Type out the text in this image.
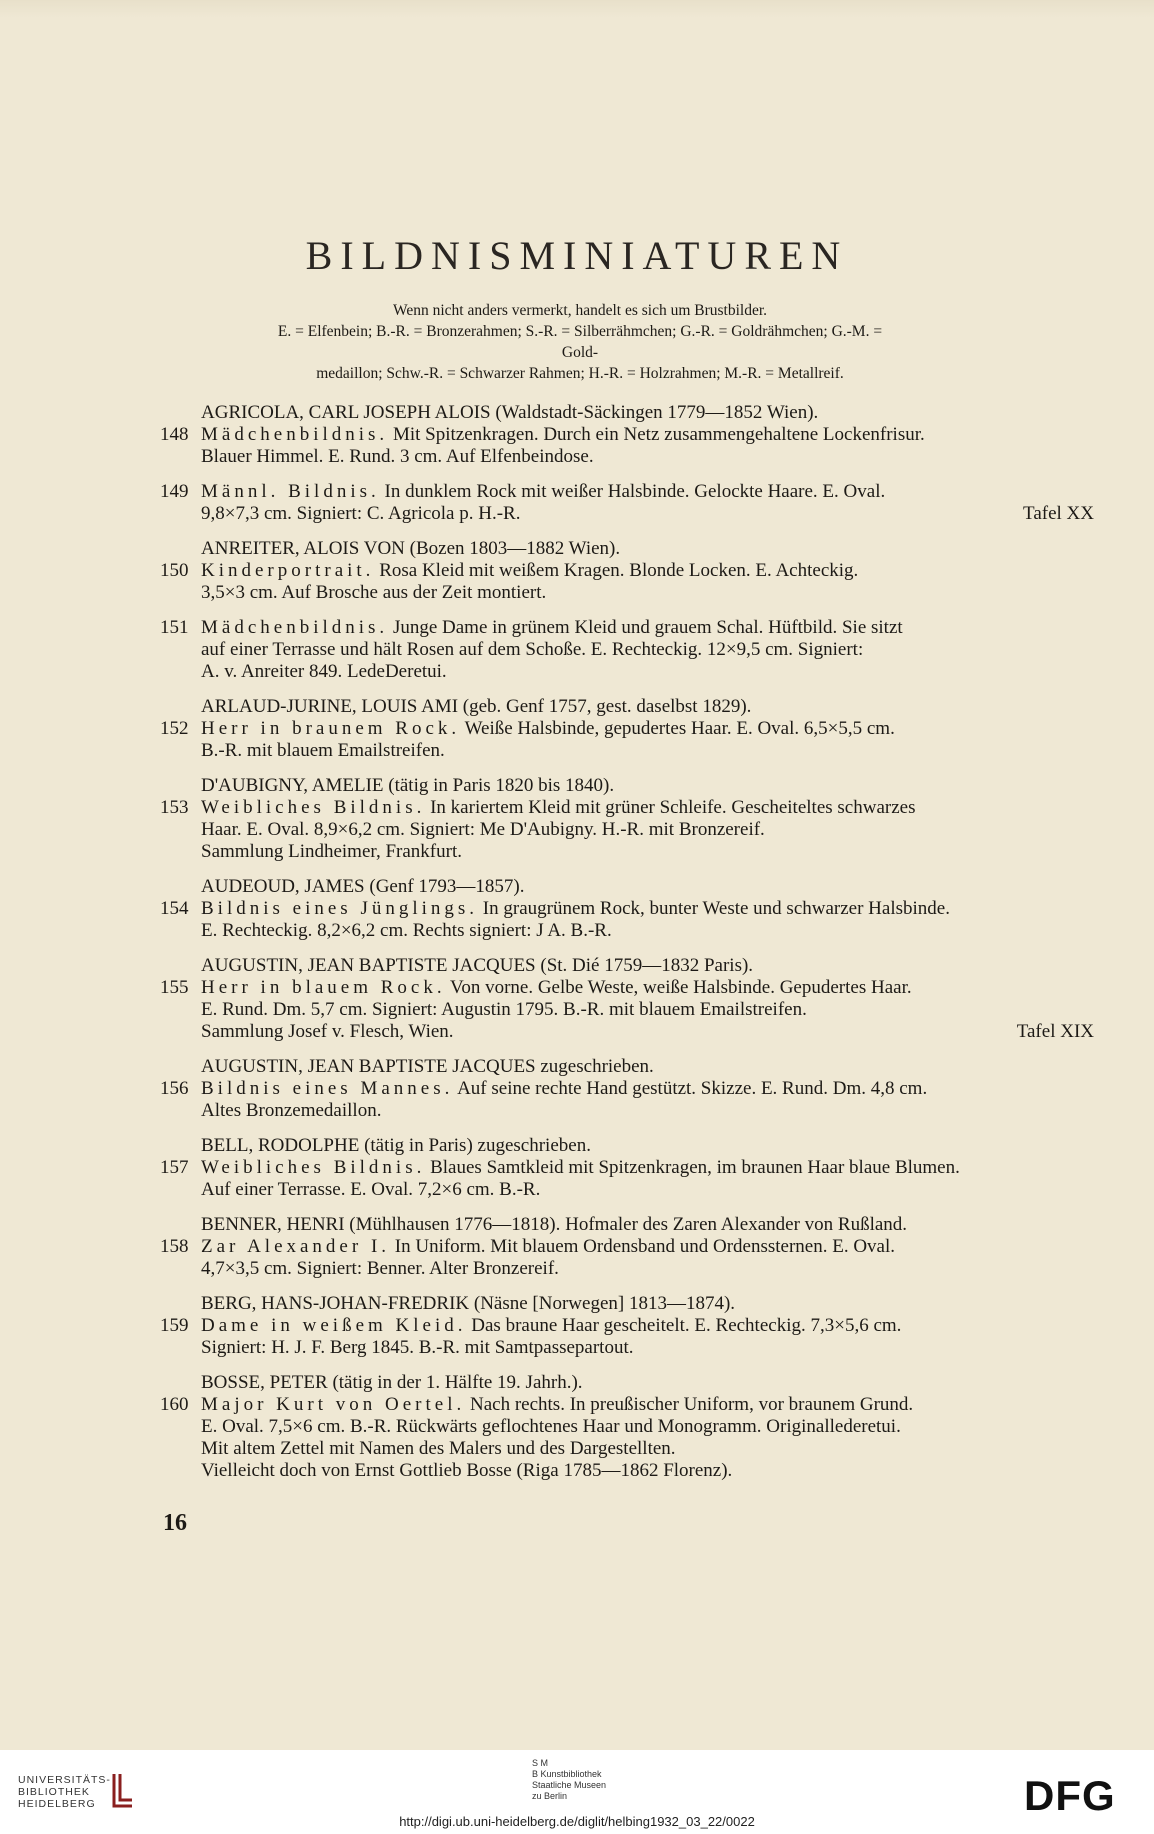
BILDNISMINIATUREN

Wenn nicht anders vermerkt, handelt es sich um Brustbilder.

E. = Elfenbein; B.-R. = Bronzerahmen; S.-R. = Silberrähmchen; G.-R. = Goldrähmchen; G.-M. = Gold-

medaillon; Schw.-R. = Schwarzer Rahmen; H.-R. = Holzrahmen; M.-R. = Metallreif.

AGRICOLA, CARL JOSEPH ALOIS (Waldstadt-Säckingen 1779—1852 Wien).
148 Mädchenbildnis. Mit Spitzenkragen. Durch ein Netz zusammengehaltene Lockenfrisur.
Blauer Himmel. E. Rund. 3 cm. Auf Elfenbeindose.
149 Männl. Bildnis. In dunklem Rock mit weißer Halsbinde. Gelockte Haare. E. Oval.
9,8×7,3 cm. Signiert: C. Agricola p. H.-R.	Tafel XX
ANREITER, ALOIS VON (Bozen 1803—1882 Wien).
150 Kinderportrait. Rosa Kleid mit weißem Kragen. Blonde Locken. E. Achteckig.
3,5×3 cm. Auf Brosche aus der Zeit montiert.
151 Mädchenbildnis. Junge Dame in grünem Kleid und grauem Schal. Hüftbild. Sie sitzt
auf einer Terrasse und hält Rosen auf dem Schoße. E. Rechteckig. 12×9,5 cm. Signiert:
A. v. Anreiter 849. LedeDeretui.
ARLAUD-JURINE, LOUIS AMI (geb. Genf 1757, gest. daselbst 1829).
152 Herr in braunem Rock. Weiße Halsbinde, gepudertes Haar. E. Oval. 6,5×5,5 cm.
B.-R. mit blauem Emailstreifen.
D'AUBIGNY, AMELIE (tätig in Paris 1820 bis 1840).
153 Weibliches Bildnis. In kariertem Kleid mit grüner Schleife. Gescheiteltes schwarzes
Haar. E. Oval. 8,9×6,2 cm. Signiert: Me D'Aubigny. H.-R. mit Bronzereif.
Sammlung Lindheimer, Frankfurt.
AUDEOUD, JAMES (Genf 1793—1857).
154 Bildnis eines Jünglings. In graugrünem Rock, bunter Weste und schwarzer Halsbinde.
E. Rechteckig. 8,2×6,2 cm. Rechts signiert: J A. B.-R.
AUGUSTIN, JEAN BAPTISTE JACQUES (St. Dié 1759—1832 Paris).
155 Herr in blauem Rock. Von vorne. Gelbe Weste, weiße Halsbinde. Gepudertes Haar.
E. Rund. Dm. 5,7 cm. Signiert: Augustin 1795. B.-R. mit blauem Emailstreifen.
Sammlung Josef v. Flesch, Wien.	Tafel XIX
AUGUSTIN, JEAN BAPTISTE JACQUES zugeschrieben.
156 Bildnis eines Mannes. Auf seine rechte Hand gestützt. Skizze. E. Rund. Dm. 4,8 cm.
Altes Bronzemedaillon.
BELL, RODOLPHE (tätig in Paris) zugeschrieben.
157 Weibliches Bildnis. Blaues Samtkleid mit Spitzenkragen, im braunen Haar blaue Blumen.
Auf einer Terrasse. E. Oval. 7,2×6 cm. B.-R.
BENNER, HENRI (Mühlhausen 1776—1818). Hofmaler des Zaren Alexander von Rußland.
158 Zar Alexander I. In Uniform. Mit blauem Ordensband und Ordenssternen. E. Oval.
4,7×3,5 cm. Signiert: Benner. Alter Bronzereif.
BERG, HANS-JOHAN-FREDRIK (Näsne [Norwegen] 1813—1874).
159 Dame in weißem Kleid. Das braune Haar gescheitelt. E. Rechteckig. 7,3×5,6 cm.
Signiert: H. J. F. Berg 1845. B.-R. mit Samtpassepartout.
BOSSE, PETER (tätig in der 1. Hälfte 19. Jahrh.).
160 Major Kurt von Oertel. Nach rechts. In preußischer Uniform, vor braunem Grund.
E. Oval. 7,5×6 cm. B.-R. Rückwärts geflochtenes Haar und Monogramm. Originallederetui.
Mit altem Zettel mit Namen des Malers und des Dargestellten.
Vielleicht doch von Ernst Gottlieb Bosse (Riga 1785—1862 Florenz).
16
UNIVERSITÄTS-
BIBLIOTHEK
HEIDELBERG
S M
B Kunstbibliothek
Staatliche Museen
zu Berlin	DFG
http://digi.ub.uni-heidelberg.de/diglit/helbing1932_03_22/0022
